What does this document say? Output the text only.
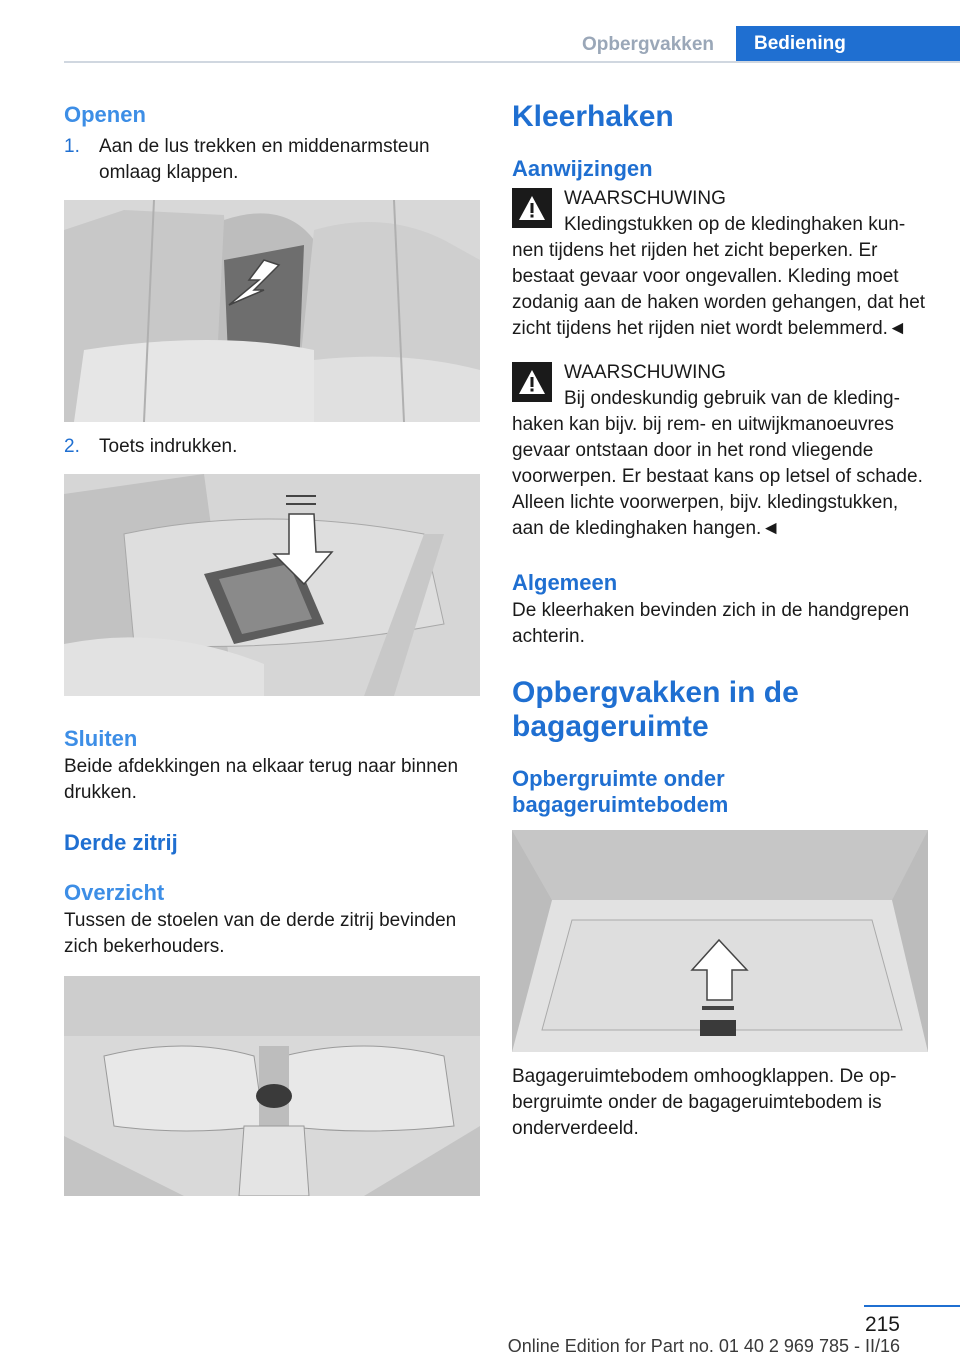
Opbergvakken	Bediening
Openen
1.	Aan de lus trekken en middenarmsteun omlaag klappen.
2.	Toets indrukken.
Sluiten
Beide afdekkingen na elkaar terug naar binnen drukken.
Derde zitrij
Overzicht
Tussen de stoelen van de derde zitrij bevinden zich bekerhouders.
Kleerhaken
Aanwijzingen
WAARSCHUWING
Kledingstukken op de kledinghaken kunnen tijdens het rijden het zicht beperken. Er bestaat gevaar voor ongevallen. Kleding moet zodanig aan de haken worden gehangen, dat het zicht tijdens het rijden niet wordt belemmerd.◄
WAARSCHUWING
Bij ondeskundig gebruik van de kledinghaken kan bijv. bij rem- en uitwijkmanoeuvres gevaar ontstaan door in het rond vliegende voorwerpen. Er bestaat kans op letsel of schade. Alleen lichte voorwerpen, bijv. kledingstukken, aan de kledinghaken hangen.◄
Algemeen
De kleerhaken bevinden zich in de handgrepen achterin.
Opbergvakken in de bagageruimte
Opbergruimte onder bagageruimtebodem
Bagageruimtebodem omhoogklappen. De opbergruimte onder de bagageruimtebodem is onderverdeeld.
215
Online Edition for Part no. 01 40 2 969 785 - II/16
